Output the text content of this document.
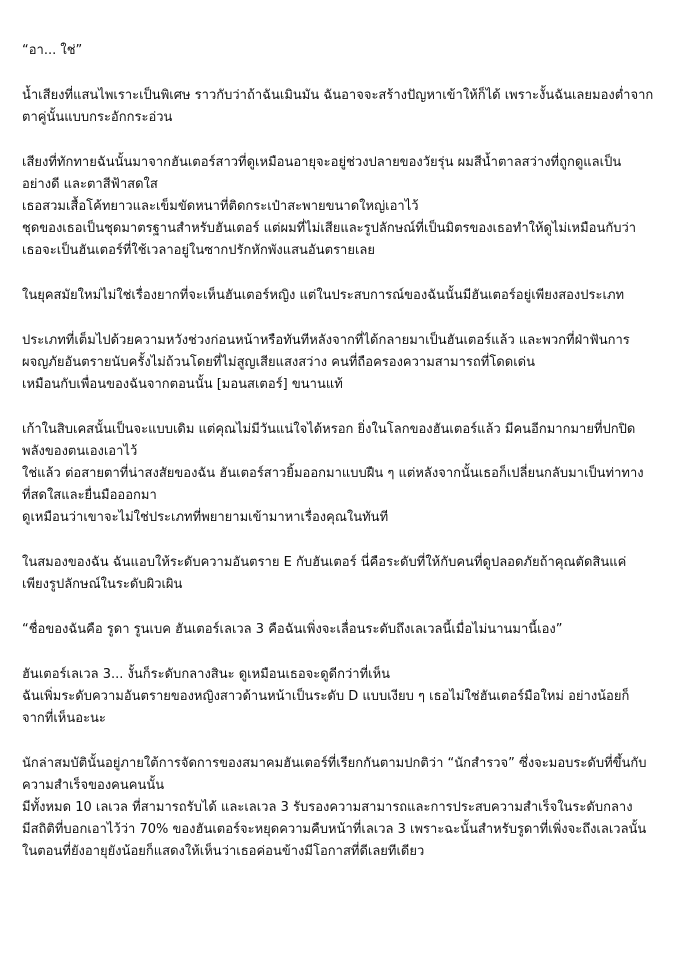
“อา... ใช่”

น้ำเสียงที่แสนไพเราะเป็นพิเศษ ราวกับว่าถ้าฉันเมินมัน ฉันอาจจะสร้างปัญหาเข้าให้ก็ได้ เพราะงั้นฉันเลยมองต่ำจาก
ตาคู่นั้นแบบกระอักกระอ่วน

เสียงที่ทักทายฉันนั้นมาจากฮันเตอร์สาวที่ดูเหมือนอายุจะอยู่ช่วงปลายของวัยรุ่น ผมสีน้ำตาลสว่างที่ถูกดูแลเป็น
อย่างดี และตาสีฟ้าสดใส
เธอสวมเสื้อโค้ทยาวและเข็มขัดหนาที่ติดกระเป๋าสะพายขนาดใหญ่เอาไว้
ชุดของเธอเป็นชุดมาตรฐานสำหรับฮันเตอร์ แต่ผมที่ไม่เสียและรูปลักษณ์ที่เป็นมิตรของเธอทำให้ดูไม่เหมือนกับว่า
เธอจะเป็นฮันเตอร์ที่ใช้เวลาอยู่ในซากปรักหักพังแสนอันตรายเลย

ในยุคสมัยใหม่ไม่ใช่เรื่องยากที่จะเห็นฮันเตอร์หญิง แต่ในประสบการณ์ของฉันนั้นมีฮันเตอร์อยู่เพียงสองประเภท

ประเภทที่เต็มไปด้วยความหวังช่วงก่อนหน้าหรือทันทีหลังจากที่ได้กลายมาเป็นฮันเตอร์แล้ว และพวกที่ฝ่าฟันการ
ผจญภัยอันตรายนับครั้งไม่ถ้วนโดยที่ไม่สูญเสียแสงสว่าง คนที่ถือครองความสามารถที่โดดเด่น
เหมือนกับเพื่อนของฉันจากตอนนั้น [มอนสเตอร์] ขนานแท้

เก้าในสิบเคสนั้นเป็นจะแบบเดิม แต่คุณไม่มีวันแน่ใจได้หรอก ยิ่งในโลกของฮันเตอร์แล้ว มีคนอีกมากมายที่ปกปิด
พลังของตนเองเอาไว้
ใช่แล้ว ต่อสายตาที่น่าสงสัยของฉัน ฮันเตอร์สาวยิ้มออกมาแบบฝืน ๆ แต่หลังจากนั้นเธอก็เปลี่ยนกลับมาเป็นท่าทาง
ที่สดใสและยื่นมือออกมา
ดูเหมือนว่าเขาจะไม่ใช่ประเภทที่พยายามเข้ามาหาเรื่องคุณในทันที

ในสมองของฉัน ฉันแอบให้ระดับความอันตราย E กับฮันเตอร์ นี่คือระดับที่ให้กับคนที่ดูปลอดภัยถ้าคุณตัดสินแค่
เพียงรูปลักษณ์ในระดับผิวเผิน

“ชื่อของฉันคือ รูดา รูนเบค ฮันเตอร์เลเวล 3 คือฉันเพิ่งจะเลื่อนระดับถึงเลเวลนี้เมื่อไม่นานมานี้เอง”

ฮันเตอร์เลเวล 3... งั้นก็ระดับกลางสินะ ดูเหมือนเธอจะดูดีกว่าที่เห็น
ฉันเพิ่มระดับความอันตรายของหญิงสาวด้านหน้าเป็นระดับ D แบบเงียบ ๆ เธอไม่ใช่ฮันเตอร์มือใหม่ อย่างน้อยก็
จากที่เห็นอะนะ

นักล่าสมบัตินั้นอยู่ภายใต้การจัดการของสมาคมฮันเตอร์ที่เรียกกันตามปกติว่า “นักสำรวจ” ซึ่งจะมอบระดับที่ขึ้นกับ
ความสำเร็จของคนคนนั้น
มีทั้งหมด 10 เลเวล ที่สามารถรับได้ และเลเวล 3 รับรองความสามารถและการประสบความสำเร็จในระดับกลาง
มีสถิติที่บอกเอาไว้ว่า 70% ของฮันเตอร์จะหยุดความคืบหน้าที่เลเวล 3 เพราะฉะนั้นสำหรับรูดาที่เพิ่งจะถึงเลเวลนั้น
ในตอนที่ยังอายุยังน้อยก็แสดงให้เห็นว่าเธอค่อนข้างมีโอกาสที่ดีเลยทีเดียว
